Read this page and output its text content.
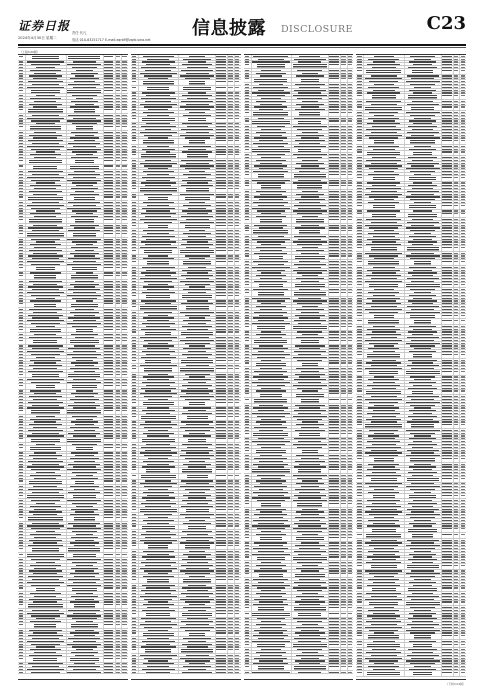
证券日报 责任 代凡
电话 010-83251717 E-mail:zqrb9@zqrb.sina.net
2024年4月30日 星期二	信息披露 DISCLOSURE	C23
（上接C22版）
（下转C24版）
